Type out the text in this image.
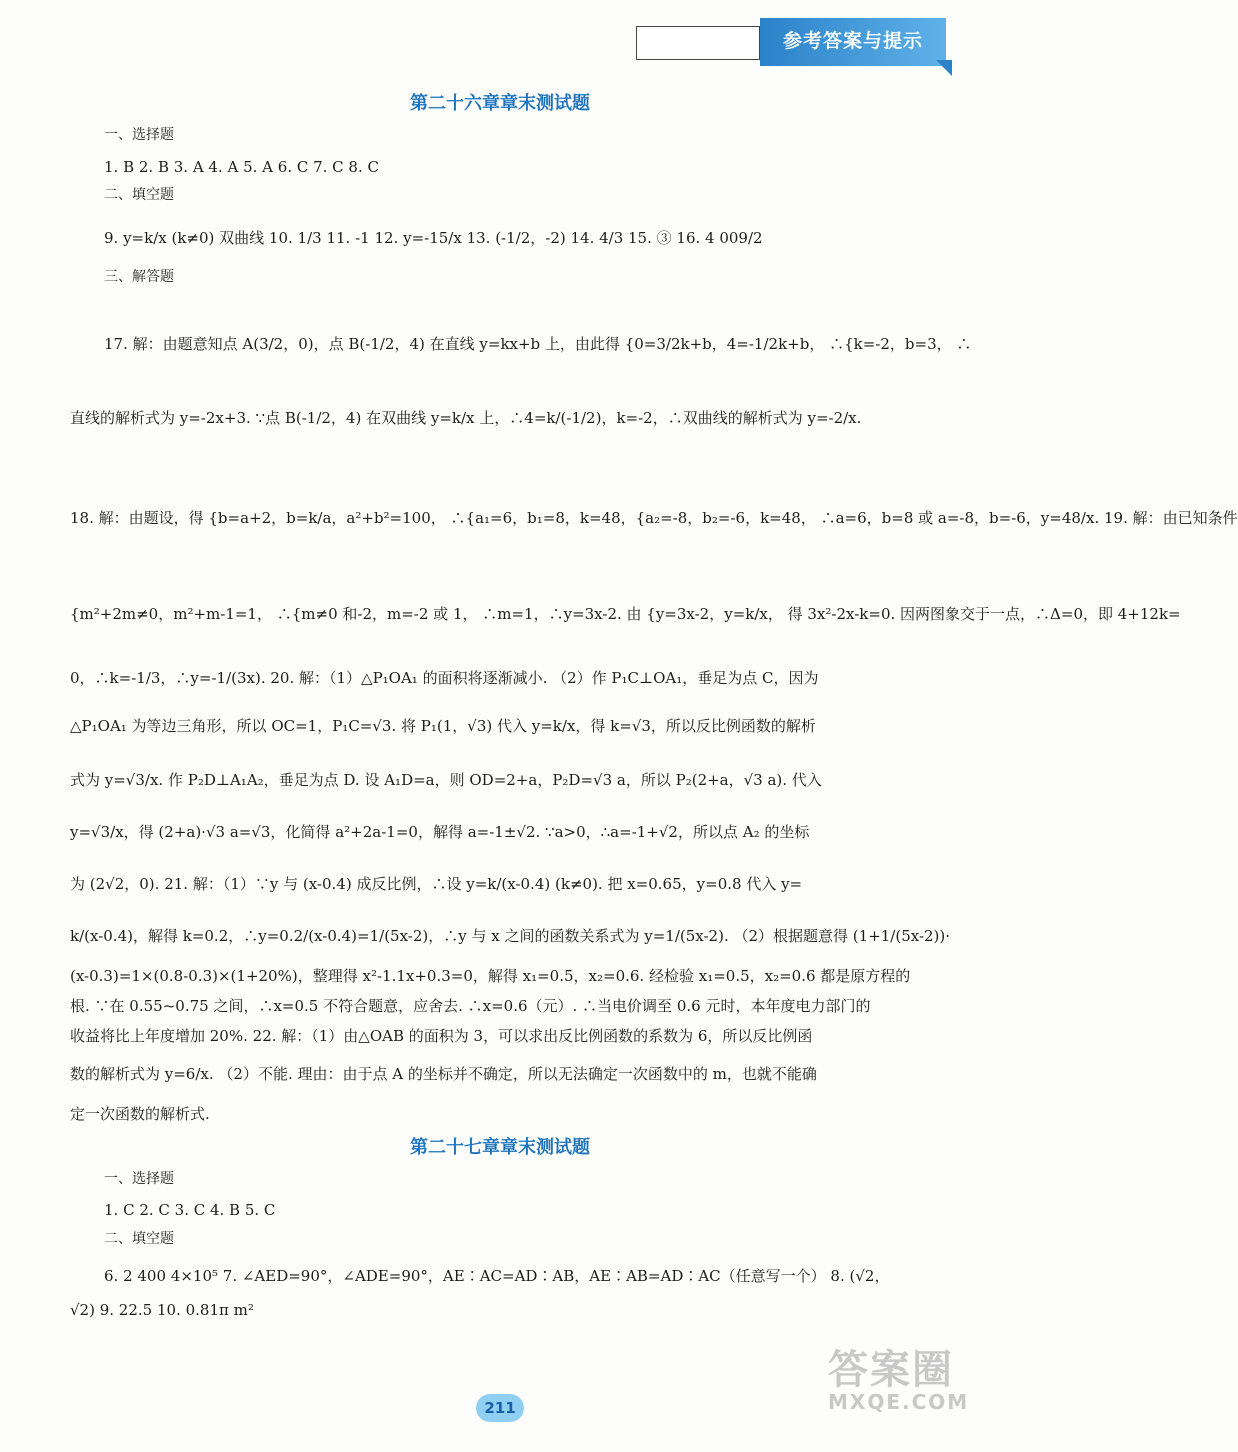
参考答案与提示
第二十六章章末测试题
一、选择题
1. B 2. B 3. A 4. A 5. A 6. C 7. C 8. C
二、填空题
9. y=k/x (k≠0) 双曲线 10. 1/3 11. -1 12. y=-15/x 13. (-1/2，-2) 14. 4/3 15. ③ 16. 4 009/2
三、解答题
17. 解：由题意知点 A(3/2，0)，点 B(-1/2，4) 在直线 y=kx+b 上，由此得 {0=3/2k+b，4=-1/2k+b， ∴{k=-2，b=3， ∴
直线的解析式为 y=-2x+3. ∵点 B(-1/2，4) 在双曲线 y=k/x 上，∴4=k/(-1/2)，k=-2，∴双曲线的解析式为 y=-2/x.
18. 解：由题设，得 {b=a+2，b=k/a，a²+b²=100， ∴{a₁=6，b₁=8，k=48，{a₂=-8，b₂=-6，k=48， ∴a=6，b=8 或 a=-8，b=-6，y=48/x. 19. 解：由已知条件
{m²+2m≠0，m²+m-1=1， ∴{m≠0 和-2，m=-2 或 1， ∴m=1，∴y=3x-2. 由 {y=3x-2，y=k/x， 得 3x²-2x-k=0. 因两图象交于一点，∴Δ=0，即 4+12k=
0，∴k=-1/3，∴y=-1/(3x). 20. 解：（1）△P₁OA₁ 的面积将逐渐减小. （2）作 P₁C⊥OA₁，垂足为点 C，因为
△P₁OA₁ 为等边三角形，所以 OC=1，P₁C=√3. 将 P₁(1，√3) 代入 y=k/x，得 k=√3，所以反比例函数的解析
式为 y=√3/x. 作 P₂D⊥A₁A₂，垂足为点 D. 设 A₁D=a，则 OD=2+a，P₂D=√3 a，所以 P₂(2+a，√3 a). 代入
y=√3/x，得 (2+a)·√3 a=√3，化简得 a²+2a-1=0，解得 a=-1±√2. ∵a>0，∴a=-1+√2，所以点 A₂ 的坐标
为 (2√2，0). 21. 解：（1）∵y 与 (x-0.4) 成反比例，∴设 y=k/(x-0.4) (k≠0). 把 x=0.65，y=0.8 代入 y=
k/(x-0.4)，解得 k=0.2，∴y=0.2/(x-0.4)=1/(5x-2)，∴y 与 x 之间的函数关系式为 y=1/(5x-2). （2）根据题意得 (1+1/(5x-2))·
(x-0.3)=1×(0.8-0.3)×(1+20%)，整理得 x²-1.1x+0.3=0，解得 x₁=0.5，x₂=0.6. 经检验 x₁=0.5，x₂=0.6 都是原方程的
根. ∵在 0.55~0.75 之间，∴x=0.5 不符合题意，应舍去. ∴x=0.6（元）. ∴当电价调至 0.6 元时，本年度电力部门的
收益将比上年度增加 20%. 22. 解：（1）由△OAB 的面积为 3，可以求出反比例函数的系数为 6，所以反比例函
数的解析式为 y=6/x. （2）不能. 理由：由于点 A 的坐标并不确定，所以无法确定一次函数中的 m，也就不能确
定一次函数的解析式.
第二十七章章末测试题
一、选择题
1. C 2. C 3. C 4. B 5. C
二、填空题
6. 2 400 4×10⁵ 7. ∠AED=90°，∠ADE=90°，AE∶AC=AD∶AB，AE∶AB=AD∶AC（任意写一个） 8. (√2，
√2) 9. 22.5 10. 0.81π m²
211
答案圈
MXQE.COM
